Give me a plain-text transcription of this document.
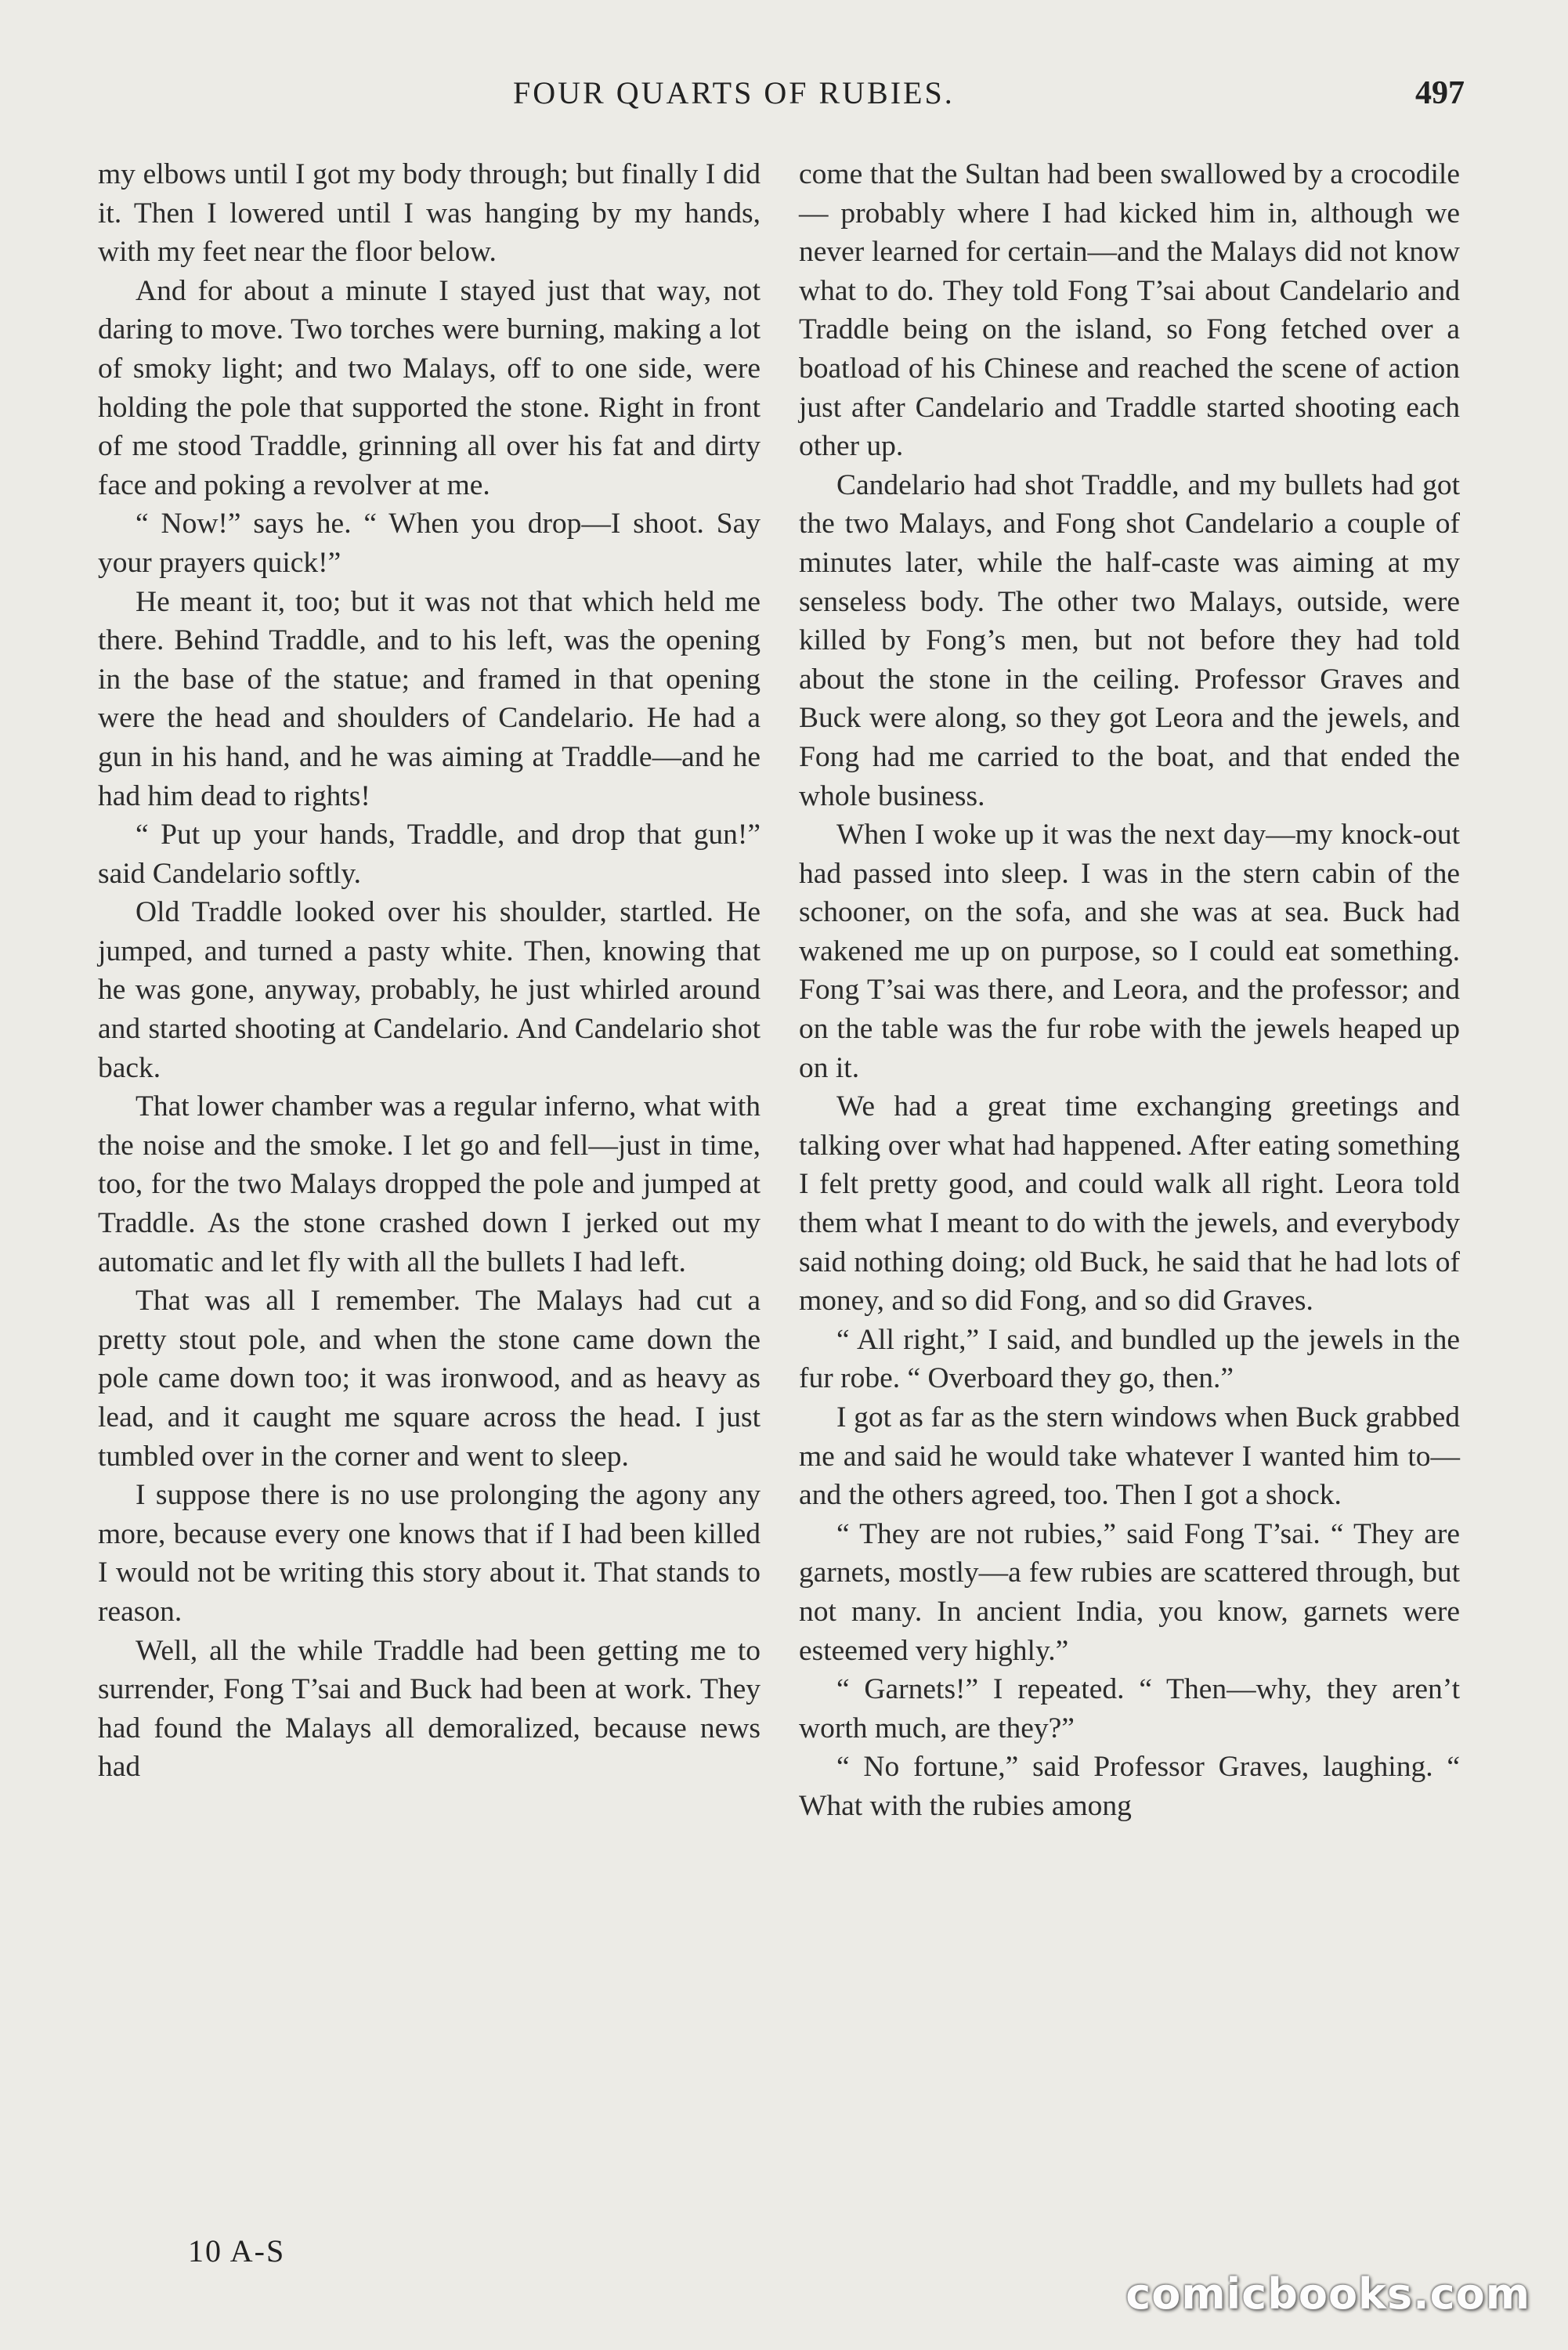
FOUR QUARTS OF RUBIES.	497

my elbows until I got my body through; but finally I did it. Then I lowered until I was hanging by my hands, with my feet near the floor below.

And for about a minute I stayed just that way, not daring to move. Two torches were burning, making a lot of smoky light; and two Malays, off to one side, were holding the pole that supported the stone. Right in front of me stood Traddle, grinning all over his fat and dirty face and poking a revolver at me.

“ Now!” says he. “ When you drop—I shoot. Say your prayers quick!”

He meant it, too; but it was not that which held me there. Behind Traddle, and to his left, was the opening in the base of the statue; and framed in that opening were the head and shoulders of Candelario. He had a gun in his hand, and he was aiming at Traddle—and he had him dead to rights!

“ Put up your hands, Traddle, and drop that gun!” said Candelario softly.

Old Traddle looked over his shoulder, startled. He jumped, and turned a pasty white. Then, knowing that he was gone, anyway, probably, he just whirled around and started shooting at Candelario. And Candelario shot back.

That lower chamber was a regular inferno, what with the noise and the smoke. I let go and fell—just in time, too, for the two Malays dropped the pole and jumped at Traddle. As the stone crashed down I jerked out my automatic and let fly with all the bullets I had left.

That was all I remember. The Malays had cut a pretty stout pole, and when the stone came down the pole came down too; it was ironwood, and as heavy as lead, and it caught me square across the head. I just tumbled over in the corner and went to sleep.

I suppose there is no use prolonging the agony any more, because every one knows that if I had been killed I would not be writing this story about it. That stands to reason.

Well, all the while Traddle had been getting me to surrender, Fong T’sai and Buck had been at work. They had found the Malays all demoralized, because news had

come that the Sultan had been swallowed by a crocodile — probably where I had kicked him in, although we never learned for certain—and the Malays did not know what to do. They told Fong T’sai about Candelario and Traddle being on the island, so Fong fetched over a boatload of his Chinese and reached the scene of action just after Candelario and Traddle started shooting each other up.

Candelario had shot Traddle, and my bullets had got the two Malays, and Fong shot Candelario a couple of minutes later, while the half-caste was aiming at my senseless body. The other two Malays, outside, were killed by Fong’s men, but not before they had told about the stone in the ceiling. Professor Graves and Buck were along, so they got Leora and the jewels, and Fong had me carried to the boat, and that ended the whole business.

When I woke up it was the next day—my knock-out had passed into sleep. I was in the stern cabin of the schooner, on the sofa, and she was at sea. Buck had wakened me up on purpose, so I could eat something. Fong T’sai was there, and Leora, and the professor; and on the table was the fur robe with the jewels heaped up on it.

We had a great time exchanging greetings and talking over what had happened. After eating something I felt pretty good, and could walk all right. Leora told them what I meant to do with the jewels, and everybody said nothing doing; old Buck, he said that he had lots of money, and so did Fong, and so did Graves.

“ All right,” I said, and bundled up the jewels in the fur robe. “ Overboard they go, then.”

I got as far as the stern windows when Buck grabbed me and said he would take whatever I wanted him to—and the others agreed, too. Then I got a shock.

“ They are not rubies,” said Fong T’sai. “ They are garnets, mostly—a few rubies are scattered through, but not many. In ancient India, you know, garnets were esteemed very highly.”

“ Garnets!” I repeated. “ Then—why, they aren’t worth much, are they?”

“ No fortune,” said Professor Graves, laughing. “ What with the rubies among

10 A-S
comicbooks.com
